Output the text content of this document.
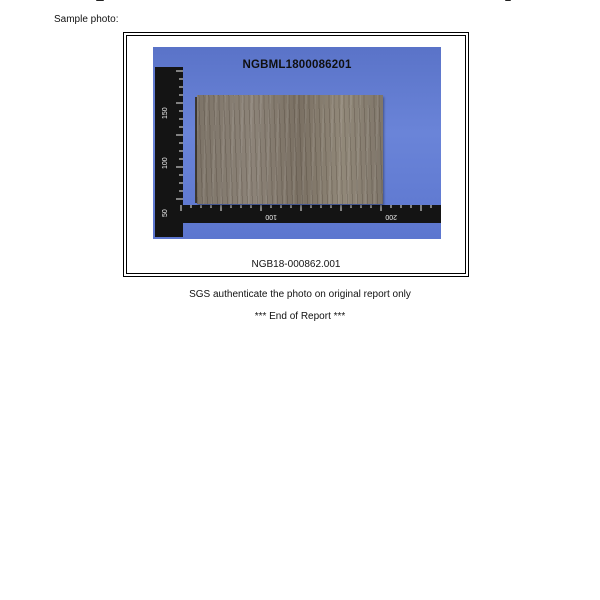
Sample photo:
NGBML1800086201
50
100
150
100	200
NGB18-000862.001
SGS authenticate the photo on original report only
*** End of Report ***
